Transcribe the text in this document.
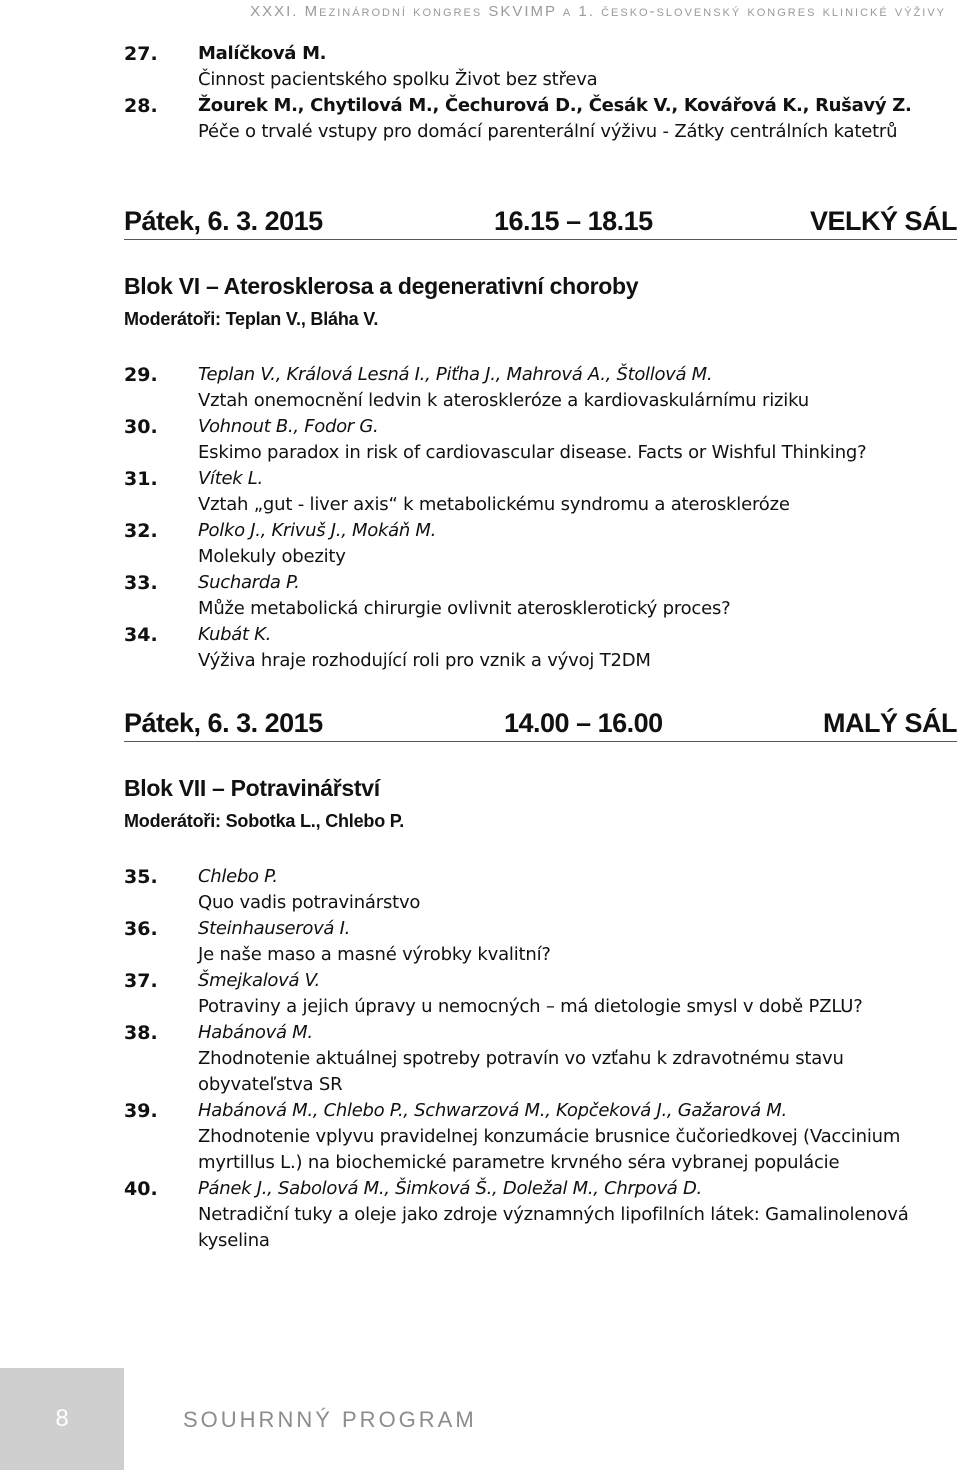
XXXI. Mezinárodní kongres SKVIMP a 1. česko-slovenský kongres klinické výživy
27.	Malíčková M.
Činnost pacientského spolku Život bez střeva
28.	Žourek M., Chytilová M., Čechurová D., Česák V., Kovářová K., Rušavý Z.
Péče o trvalé vstupy pro domácí parenterální výživu - Zátky centrálních katetrů
Pátek, 6. 3. 2015	16.15 – 18.15	VELKÝ SÁL
Blok VI – Aterosklerosa a degenerativní choroby
Moderátoři: Teplan V., Bláha V.
29.	Teplan V., Králová Lesná I., Piťha J., Mahrová A., Štollová M.
Vztah onemocnění ledvin k ateroskleróze a kardiovaskulárnímu riziku
30.	Vohnout B., Fodor G.
Eskimo paradox in risk of cardiovascular disease. Facts or Wishful Thinking?
31.	Vítek L.
Vztah „gut - liver axis“ k metabolickému syndromu a ateroskleróze
32.	Polko J., Krivuš J., Mokáň M.
Molekuly obezity
33.	Sucharda P.
Může metabolická chirurgie ovlivnit aterosklerotický proces?
34.	Kubát K.
Výživa hraje rozhodující roli pro vznik a vývoj T2DM
Pátek, 6. 3. 2015	14.00 – 16.00	MALÝ SÁL
Blok VII – Potravinářství
Moderátoři: Sobotka L., Chlebo P.
35.	Chlebo P.
Quo vadis potravinárstvo
36.	Steinhauserová I.
Je naše maso a masné výrobky kvalitní?
37.	Šmejkalová V.
Potraviny a jejich úpravy u nemocných – má dietologie smysl v době PZLU?
38.	Habánová M.
Zhodnotenie aktuálnej spotreby potravín vo vzťahu k zdravotnému stavu obyvateľstva SR
39.	Habánová M., Chlebo P., Schwarzová M., Kopčeková J., Gažarová M.
Zhodnotenie vplyvu pravidelnej konzumácie brusnice čučoriedkovej (Vaccinium myrtillus L.) na biochemické parametre krvného séra vybranej populácie
40.	Pánek J., Sabolová M., Šimková Š., Doležal M., Chrpová D.
Netradiční tuky a oleje jako zdroje významných lipofilních látek: Gamalinolenová kyselina
8	SOUHRNNÝ PROGRAM
